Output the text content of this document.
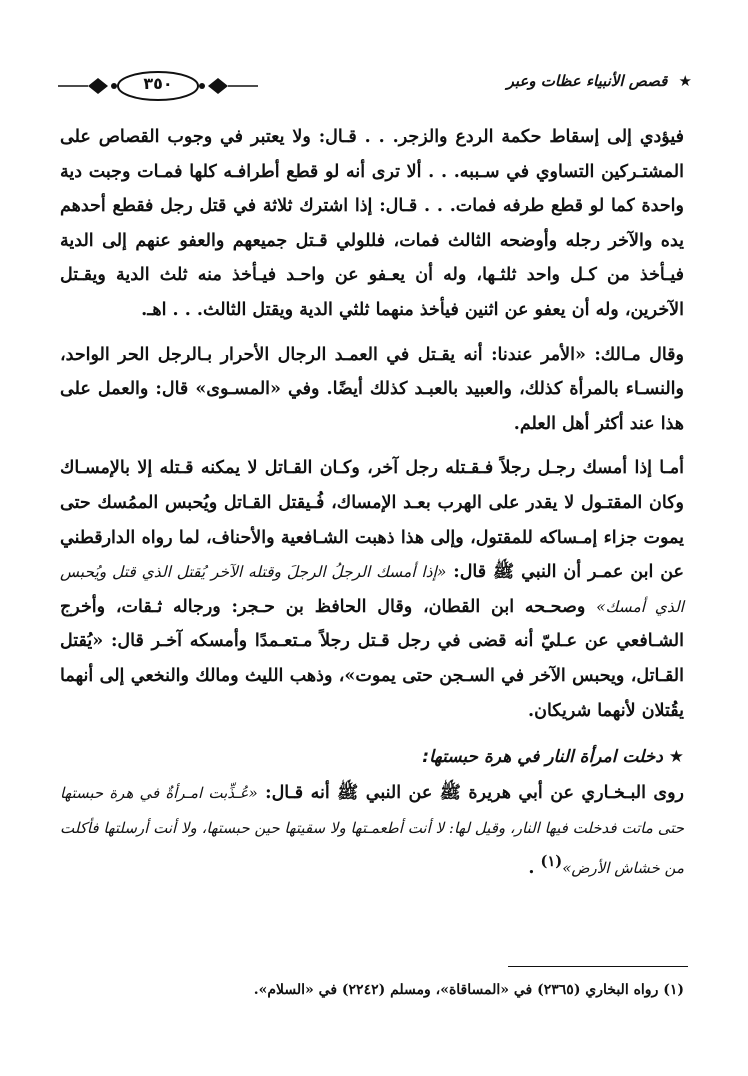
★ قصص الأنبياء عظات وعبر
٣٥٠

فيؤدي إلى إسقاط حكمة الردع والزجر. . . قـال: ولا يعتبر في وجوب القصاص على المشتـركين التساوي في سـببه. . . ألا ترى أنه لو قطع أطرافـه كلها فمـات وجبت دية واحدة كما لو قطع طرفه فمات. . . قـال: إذا اشترك ثلاثة في قتل رجل فقطع أحدهم يده والآخر رجله وأوضحه الثالث فمات، فللولي قـتل جميعهم والعفو عنهم إلى الدية فيـأخذ من كـل واحد ثلثـها، وله أن يعـفو عن واحـد فيـأخذ منه ثلث الدية ويقـتل الآخرين، وله أن يعفو عن اثنين فيأخذ منهما ثلثي الدية ويقتل الثالث. . . اهـ.

وقال مـالك: «الأمر عندنا: أنه يقـتل في العمـد الرجال الأحرار بـالرجل الحر الواحد، والنسـاء بالمرأة كذلك، والعبيد بالعبـد كذلك أيضًا. وفي «المسـوى» قال: والعمل على هذا عند أكثر أهل العلم.

أمـا إذا أمسك رجـل رجلاً فـقـتله رجل آخر، وكـان القـاتل لا يمكنه قـتله إلا بالإمسـاك وكان المقتـول لا يقدر على الهرب بعـد الإمساك، فُـيقتل القـاتل ويُحبس الممُسك حتى يموت جزاء إمـساكه للمقتول، وإلى هذا ذهبت الشـافعية والأحناف، لما رواه الدارقطني عن ابن عمـر أن النبي ﷺ قال: «إذا أمسك الرجلُ الرجلَ وقتله الآخر يُقتل الذي قتل ويُحبس الذي أمسك» وصحـحه ابن القطان، وقال الحافظ بن حـجر: ورجاله ثـقات، وأخرج الشـافعي عن عـليّ أنه قضى في رجل قـتل رجلاً مـتعـمدًا وأمسكه آخـر قال: «يُقتل القـاتل، ويحبس الآخر في السـجن حتى يموت»، وذهب الليث ومالك والنخعي إلى أنهما يقُتلان لأنهما شريكان.

★ دخلت امرأة النار في هرة حبستها:

روى البـخـاري عن أبي هريرة ﷺ عن النبي ﷺ أنه قـال: «عُـذِّبت امـرأةٌ في هرة حبستها حتى ماتت فدخلت فيها النار، وقيل لها: لا أنت أطعمـتها ولا سقيتها حين حبستها، ولا أنت أرسلتها فأكلت من خشاش الأرض»$^{(١)}$ .

(١) رواه البخاري (٢٣٦٥) في «المساقاة»، ومسلم (٢٢٤٢) في «السلام».
